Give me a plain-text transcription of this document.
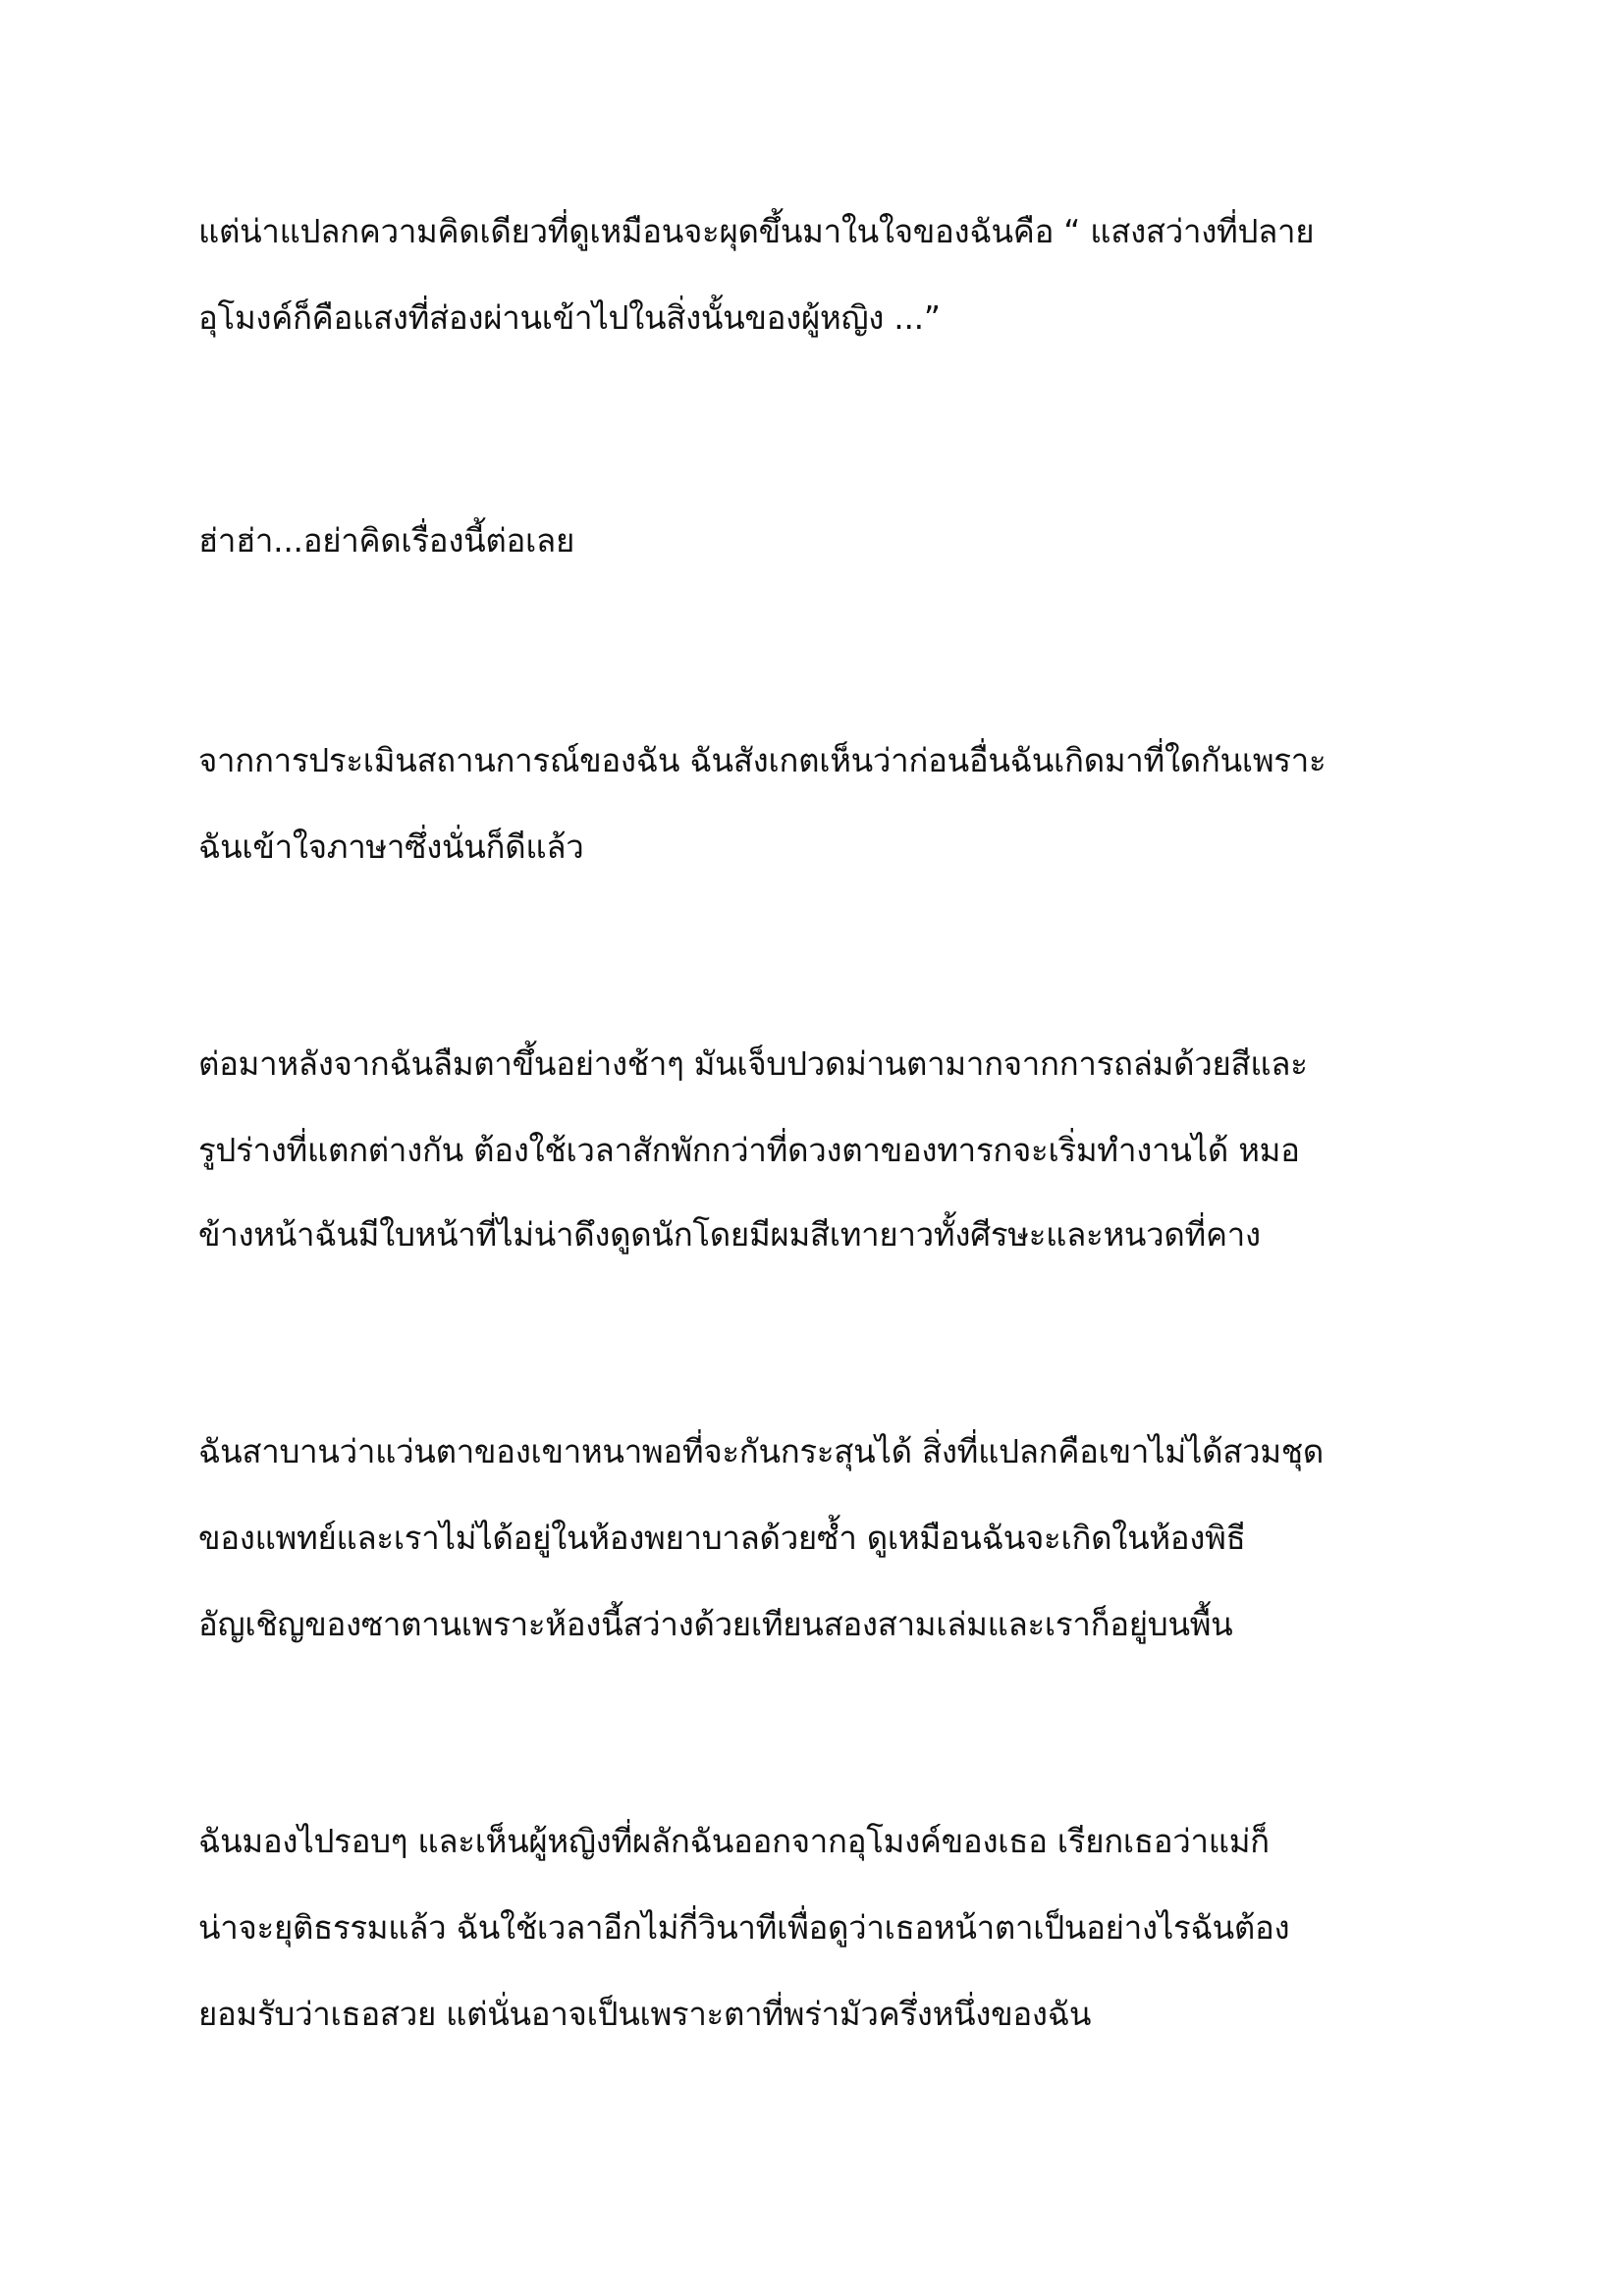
แต่น่าแปลกความคิดเดียวที่ดูเหมือนจะผุดขึ้นมาในใจของฉันคือ “ แสงสว่างที่ปลาย
อุโมงค์ก็คือแสงที่ส่องผ่านเข้าไปในสิ่งนั้นของผู้หญิง ...”
ฮ่าฮ่า...อย่าคิดเรื่องนี้ต่อเลย
จากการประเมินสถานการณ์ของฉัน ฉันสังเกตเห็นว่าก่อนอื่นฉันเกิดมาที่ใดกันเพราะ
ฉันเข้าใจภาษาซึ่งนั่นก็ดีแล้ว
ต่อมาหลังจากฉันลืมตาขึ้นอย่างช้าๆ มันเจ็บปวดม่านตามากจากการถล่มด้วยสีและ
รูปร่างที่แตกต่างกัน ต้องใช้เวลาสักพักกว่าที่ดวงตาของทารกจะเริ่มทำงานได้ หมอ
ข้างหน้าฉันมีใบหน้าที่ไม่น่าดึงดูดนักโดยมีผมสีเทายาวทั้งศีรษะและหนวดที่คาง
ฉันสาบานว่าแว่นตาของเขาหนาพอที่จะกันกระสุนได้ สิ่งที่แปลกคือเขาไม่ได้สวมชุด
ของแพทย์และเราไม่ได้อยู่ในห้องพยาบาลด้วยซ้ำ ดูเหมือนฉันจะเกิดในห้องพิธี
อัญเชิญของซาตานเพราะห้องนี้สว่างด้วยเทียนสองสามเล่มและเราก็อยู่บนพื้น
ฉันมองไปรอบๆ และเห็นผู้หญิงที่ผลักฉันออกจากอุโมงค์ของเธอ เรียกเธอว่าแม่ก็
น่าจะยุติธรรมแล้ว ฉันใช้เวลาอีกไม่กี่วินาทีเพื่อดูว่าเธอหน้าตาเป็นอย่างไรฉันต้อง
ยอมรับว่าเธอสวย แต่นั่นอาจเป็นเพราะตาที่พร่ามัวครึ่งหนึ่งของฉัน
